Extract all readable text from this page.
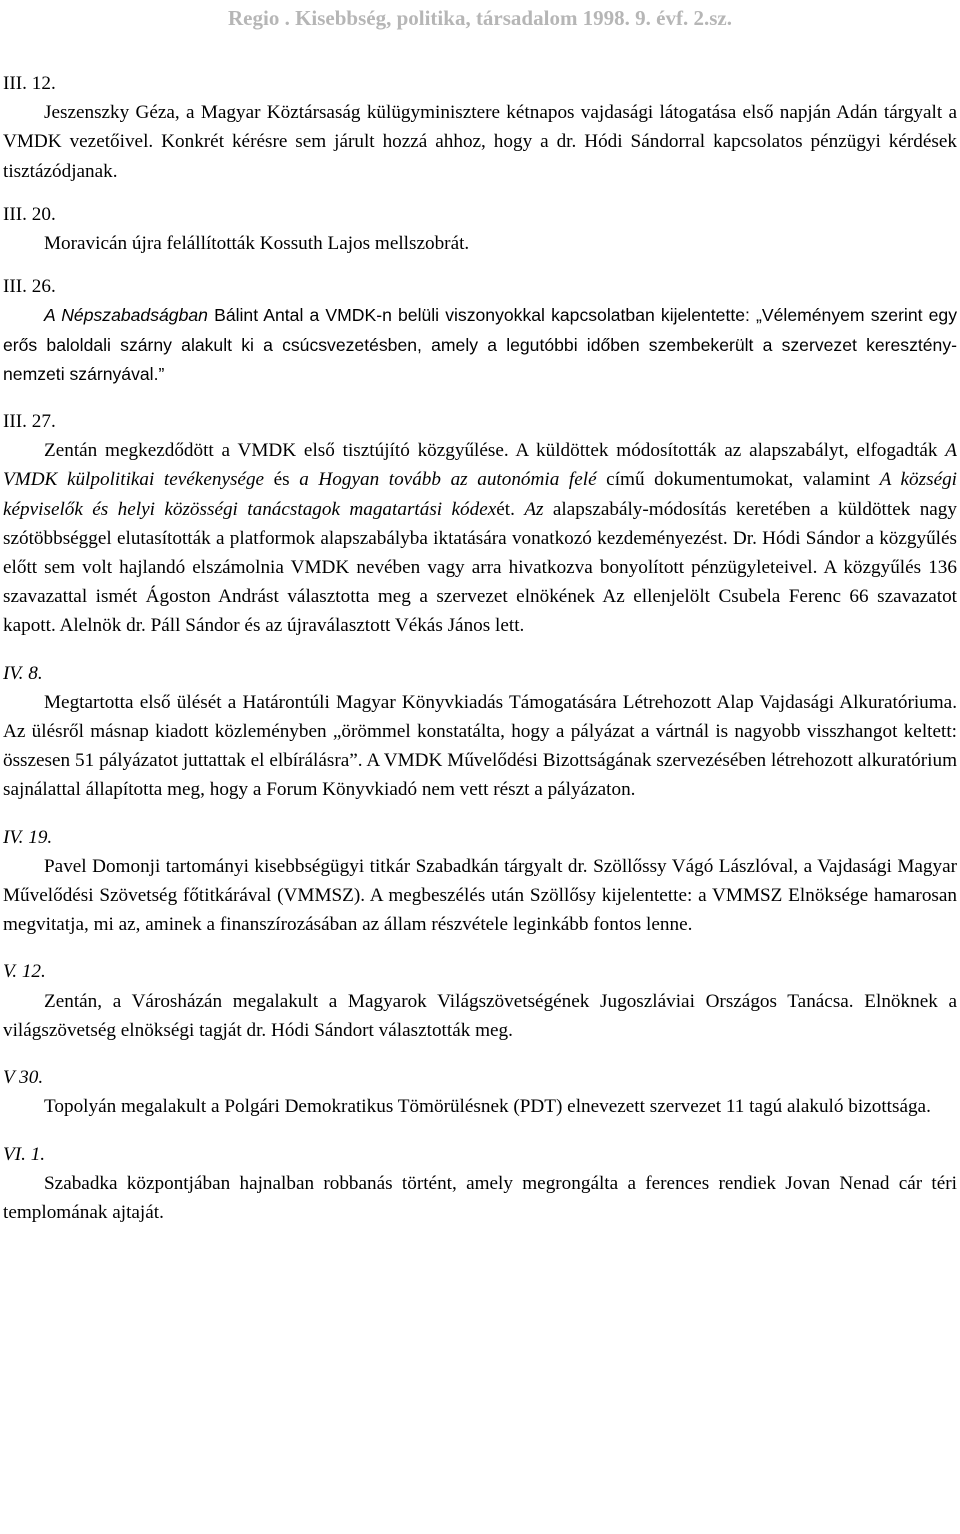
Regio . Kisebbség, politika, társadalom 1998. 9. évf. 2.sz.
III. 12.
Jeszenszky Géza, a Magyar Köztársaság külügyminisztere kétnapos vajdasági látogatása első napján Adán tárgyalt a VMDK vezetőivel. Konkrét kérésre sem járult hozzá ahhoz, hogy a dr. Hódi Sándorral kapcsolatos pénzügyi kérdések tisztázódjanak.
III. 20.
Moravicán újra felállították Kossuth Lajos mellszobrát.
III. 26.
A Népszabadságban Bálint Antal a VMDK-n belüli viszonyokkal kapcsolatban kijelentette: „Véleményem szerint egy erős baloldali szárny alakult ki a csúcsvezetésben, amely a legutóbbi időben szembekerült a szervezet keresztény-nemzeti szárnyával.”
III. 27.
Zentán megkezdődött a VMDK első tisztújító közgyűlése. A küldöttek módosították az alapszabályt, elfogadták A VMDK külpolitikai tevékenysége és a Hogyan tovább az autonómia felé című dokumentumokat, valamint A községi képviselők és helyi közösségi tanácstagok magatartási kódexét. Az alapszabály-módosítás keretében a küldöttek nagy szótöbbséggel elutasították a platformok alapszabályba iktatására vonatkozó kezdeményezést. Dr. Hódi Sándor a közgyűlés előtt sem volt hajlandó elszámolnia VMDK nevében vagy arra hivatkozva bonyolított pénzügyleteivel. A közgyűlés 136 szavazattal ismét Ágoston Andrást választotta meg a szervezet elnökének Az ellenjelölt Csubela Ferenc 66 szavazatot kapott. Alelnök dr. Páll Sándor és az újraválasztott Vékás János lett.
IV. 8.
Megtartotta első ülését a Határontúli Magyar Könyvkiadás Támogatására Létrehozott Alap Vajdasági Alkuratóriuma. Az ülésről másnap kiadott közleményben „örömmel konstatálta, hogy a pályázat a vártnál is nagyobb visszhangot keltett: összesen 51 pályázatot juttattak el elbírálásra”. A VMDK Művelődési Bizottságának szervezésében létrehozott alkuratórium sajnálattal állapította meg, hogy a Forum Könyvkiadó nem vett részt a pályázaton.
IV. 19.
Pavel Domonji tartományi kisebbségügyi titkár Szabadkán tárgyalt dr. Szöllőssy Vágó Lászlóval, a Vajdasági Magyar Művelődési Szövetség főtitkárával (VMMSZ). A megbeszélés után Szöllősy kijelentette: a VMMSZ Elnöksége hamarosan megvitatja, mi az, aminek a finanszírozásában az állam részvétele leginkább fontos lenne.
V. 12.
Zentán, a Városházán megalakult a Magyarok Világszövetségének Jugoszláviai Országos Tanácsa. Elnöknek a világszövetség elnökségi tagját dr. Hódi Sándort választották meg.
V 30.
Topolyán megalakult a Polgári Demokratikus Tömörülésnek (PDT) elnevezett szervezet 11 tagú alakuló bizottsága.
VI. 1.
Szabadka központjában hajnalban robbanás történt, amely megrongálta a ferences rendiek Jovan Nenad cár téri templomának ajtaját.
